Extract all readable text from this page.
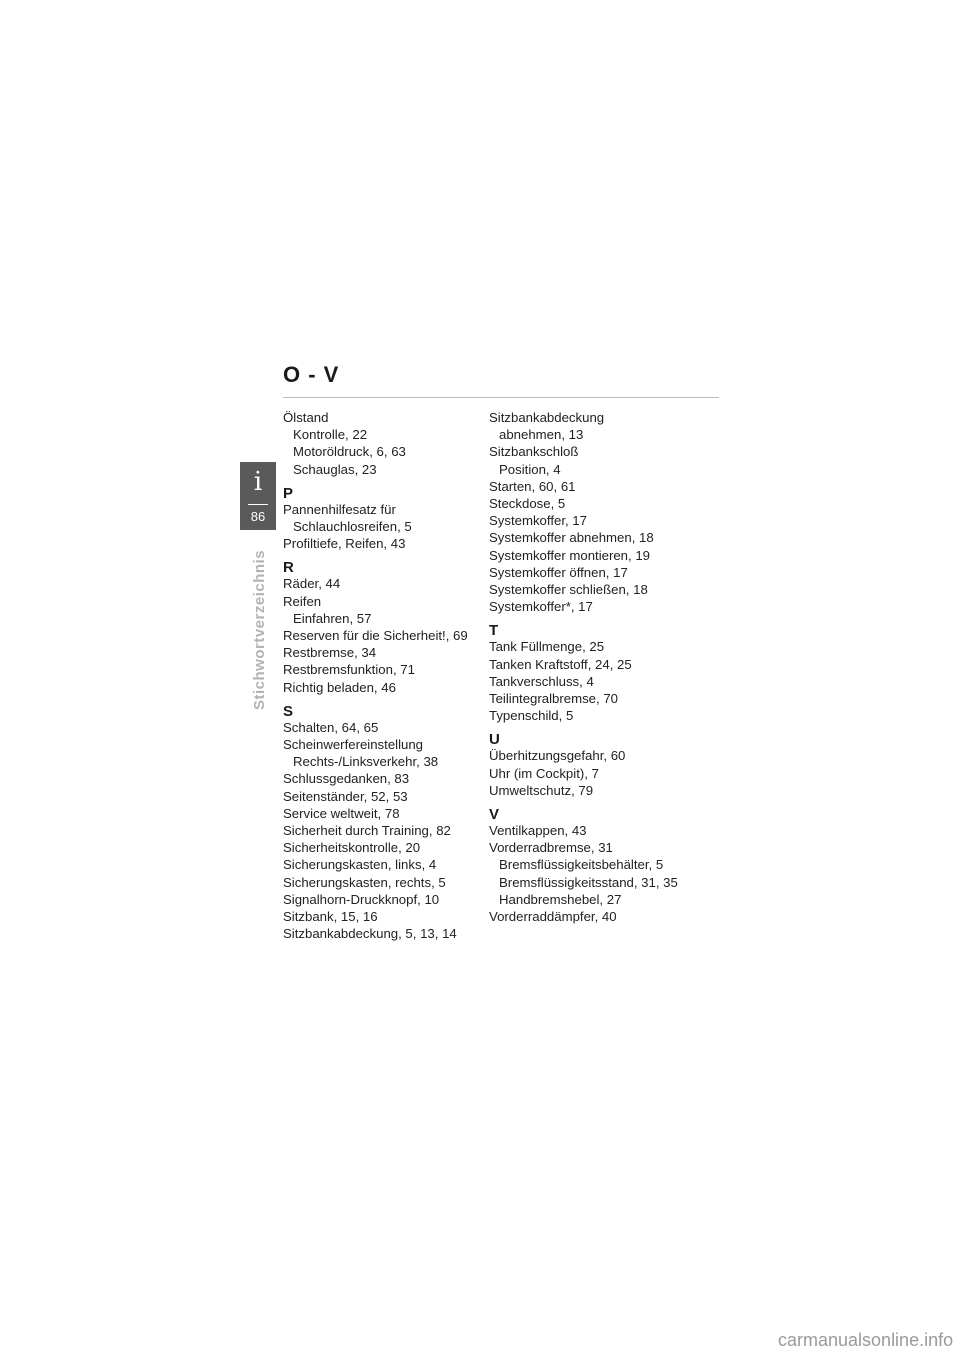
O - V
i
86
Stichwortverzeichnis
Ölstand
Kontrolle, 22
Motoröldruck, 6, 63
Schauglas, 23
P
Pannenhilfesatz für
Schlauchlosreifen, 5
Profiltiefe, Reifen, 43
R
Räder, 44
Reifen
Einfahren, 57
Reserven für die Sicherheit!, 69
Restbremse, 34
Restbremsfunktion, 71
Richtig beladen, 46
S
Schalten, 64, 65
Scheinwerfereinstellung
Rechts-/Linksverkehr, 38
Schlussgedanken, 83
Seitenständer, 52, 53
Service weltweit, 78
Sicherheit durch Training, 82
Sicherheitskontrolle, 20
Sicherungskasten, links, 4
Sicherungskasten, rechts, 5
Signalhorn-Druckknopf, 10
Sitzbank, 15, 16
Sitzbankabdeckung, 5, 13, 14
Sitzbankabdeckung
abnehmen, 13
Sitzbankschloß
Position, 4
Starten, 60, 61
Steckdose, 5
Systemkoffer, 17
Systemkoffer abnehmen, 18
Systemkoffer montieren, 19
Systemkoffer öffnen, 17
Systemkoffer schließen, 18
Systemkoffer*, 17
T
Tank Füllmenge, 25
Tanken Kraftstoff, 24, 25
Tankverschluss, 4
Teilintegralbremse, 70
Typenschild, 5
U
Überhitzungsgefahr, 60
Uhr (im Cockpit), 7
Umweltschutz, 79
V
Ventilkappen, 43
Vorderradbremse, 31
Bremsflüssigkeitsbehälter, 5
Bremsflüssigkeitsstand, 31, 35
Handbremshebel, 27
Vorderraddämpfer, 40
carmanualsonline.info
